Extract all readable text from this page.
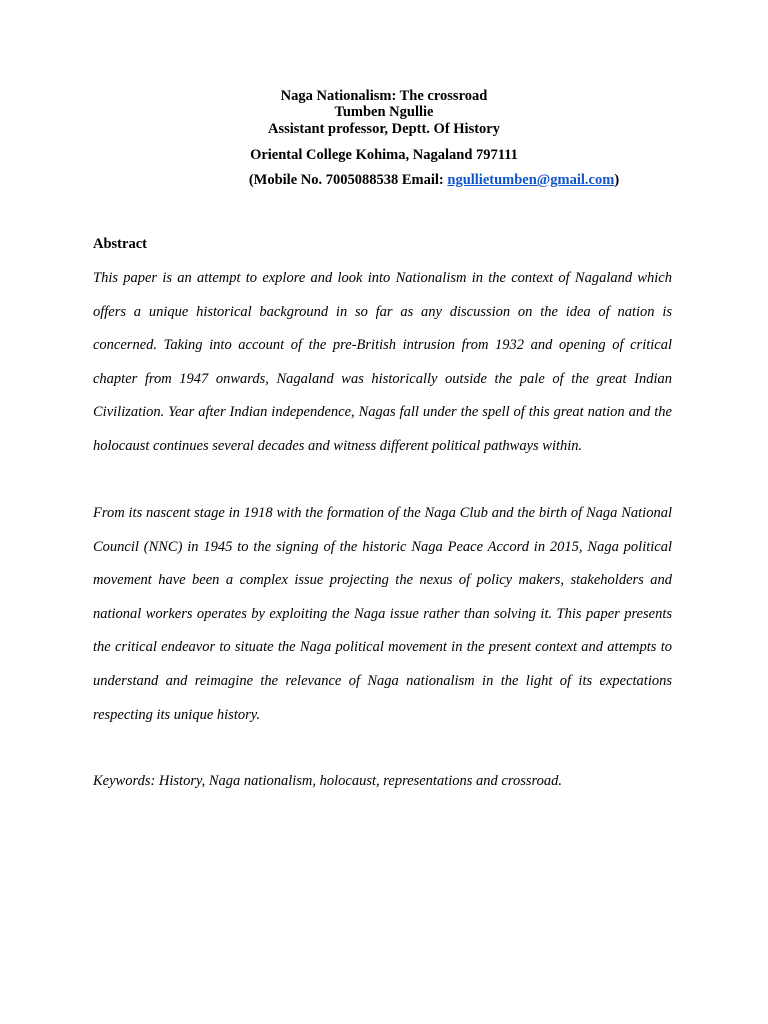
Naga Nationalism: The crossroad
Tumben Ngullie
Assistant professor, Deptt. Of History
Oriental College Kohima, Nagaland 797111
(Mobile No. 7005088538 Email: ngullietumben@gmail.com)
Abstract

This paper is an attempt to explore and look into Nationalism in the context of Nagaland which offers a unique historical background in so far as any discussion on the idea of nation is concerned. Taking into account of the pre-British intrusion from 1932 and opening of critical chapter from 1947 onwards, Nagaland was historically outside the pale of the great Indian Civilization. Year after Indian independence, Nagas fall under the spell of this great nation and the holocaust continues several decades and witness different political pathways within.

From its nascent stage in 1918 with the formation of the Naga Club and the birth of Naga National Council (NNC) in 1945 to the signing of the historic Naga Peace Accord in 2015, Naga political movement have been a complex issue projecting the nexus of policy makers, stakeholders and national workers operates by exploiting the Naga issue rather than solving it. This paper presents the critical endeavor to situate the Naga political movement in the present context and attempts to understand and reimagine the relevance of Naga nationalism in the light of its expectations respecting its unique history.

Keywords: History, Naga nationalism, holocaust, representations and crossroad.
